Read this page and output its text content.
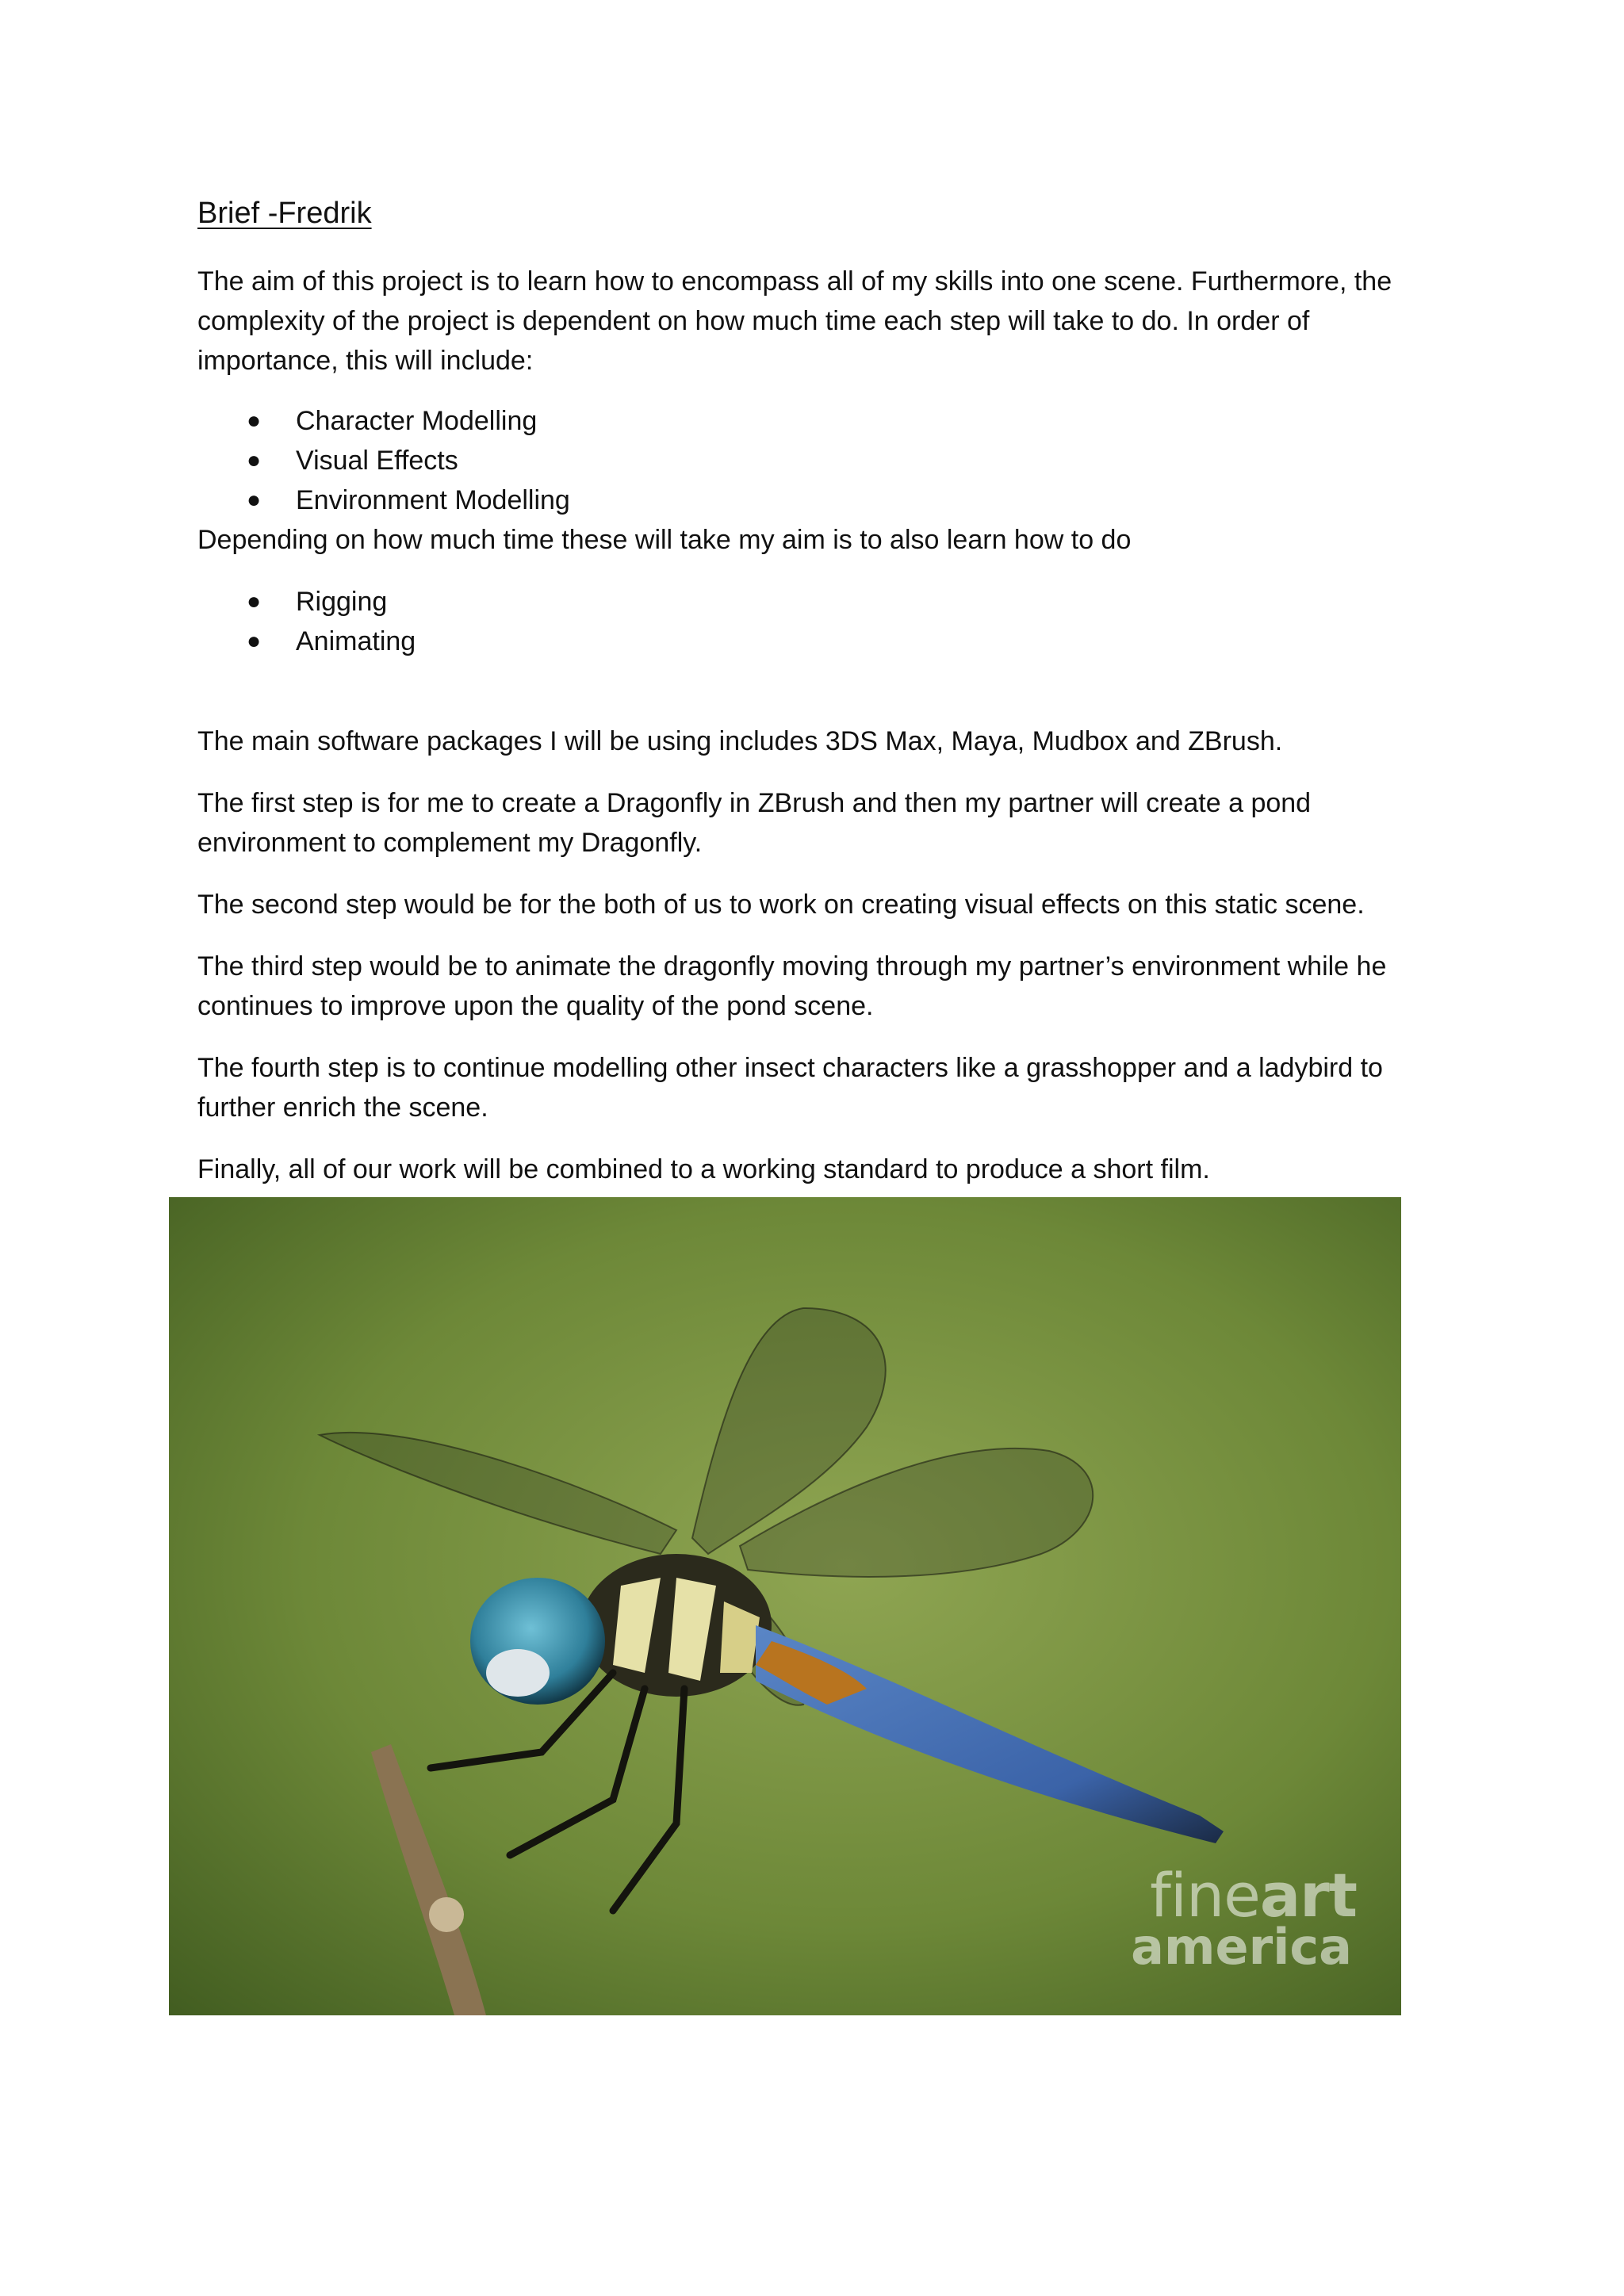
Brief -Fredrik

The aim of this project is to learn how to encompass all of my skills into one scene. Furthermore, the complexity of the project is dependent on how much time each step will take to do. In order of importance, this will include:

● Character Modelling
● Visual Effects
● Environment Modelling

Depending on how much time these will take my aim is to also learn how to do

● Rigging
● Animating

The main software packages I will be using includes 3DS Max, Maya, Mudbox and ZBrush.

The first step is for me to create a Dragonfly in ZBrush and then my partner will create a pond environment to complement my Dragonfly.

The second step would be for the both of us to work on creating visual effects on this static scene.

The third step would be to animate the dragonfly moving through my partner’s environment while he continues to improve upon the quality of the pond scene.

The fourth step is to continue modelling other insect characters like a grasshopper and a ladybird to further enrich the scene.

Finally, all of our work will be combined to a working standard to produce a short film.

fineart
america
